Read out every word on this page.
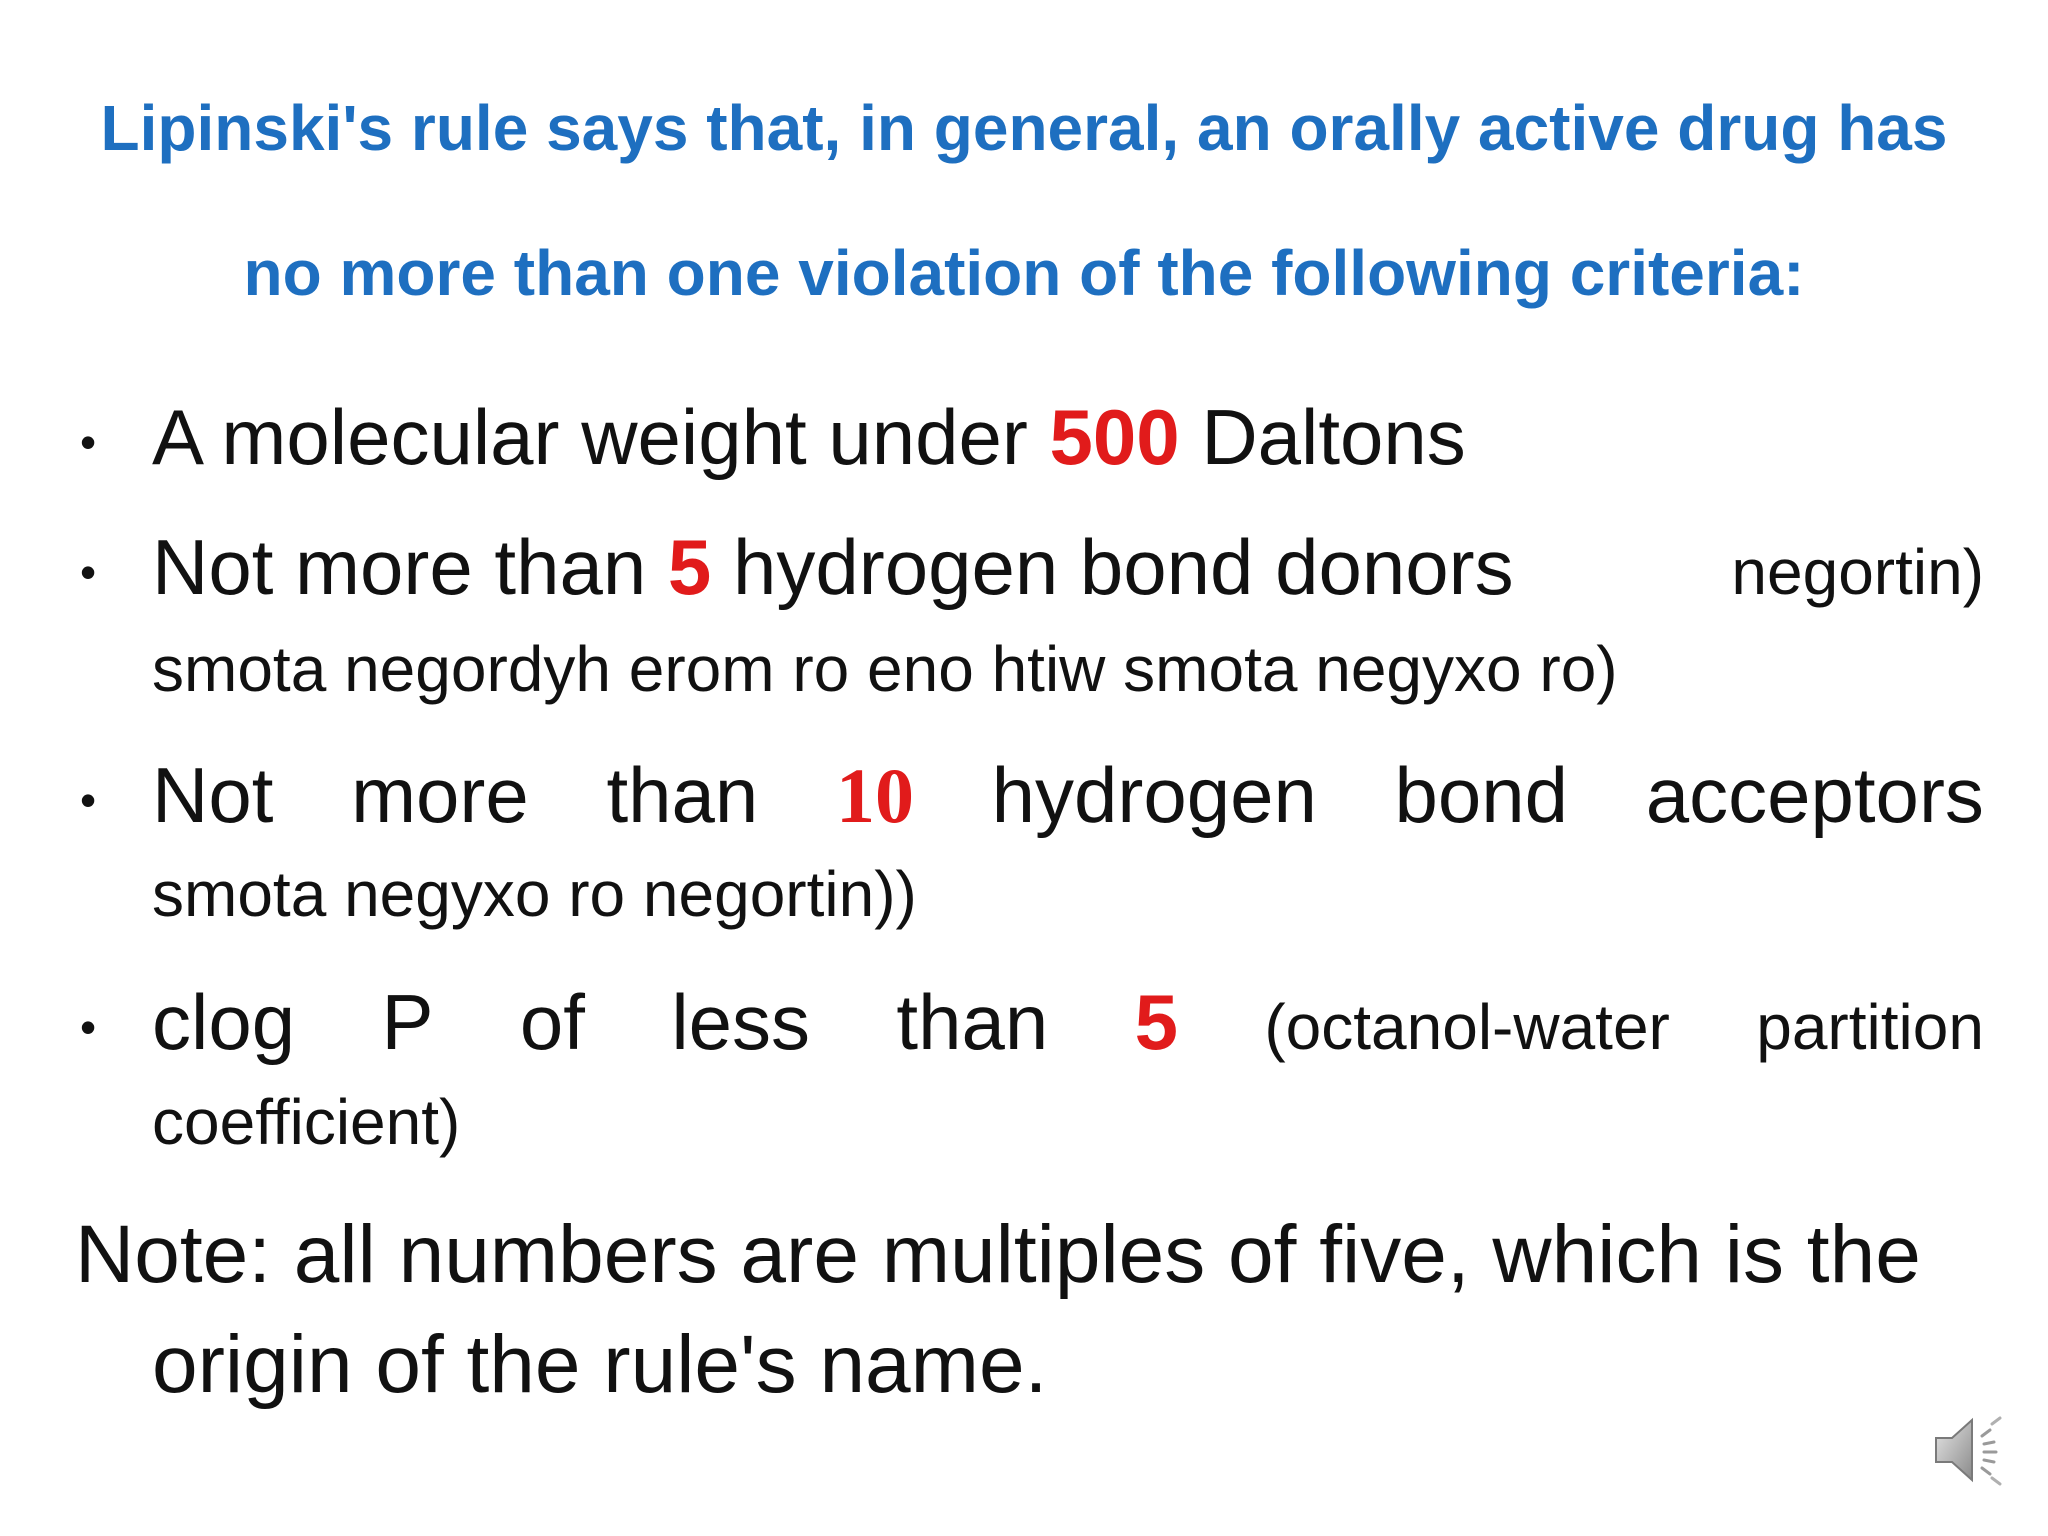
Lipinski's rule says that, in general, an orally active drug has
no more than one violation of the following criteria:
• A molecular weight under 500 Daltons
• Not more than 5 hydrogen bond donors	negortin)
smota negordyh erom ro eno htiw smota negyxo ro)
• Not more than 10 hydrogen bond acceptors
smota negyxo ro negortin))
• clog P of less than 5 (octanol-water partition
coefficient)
Note: all numbers are multiples of five, which is the
origin of the rule's name.
